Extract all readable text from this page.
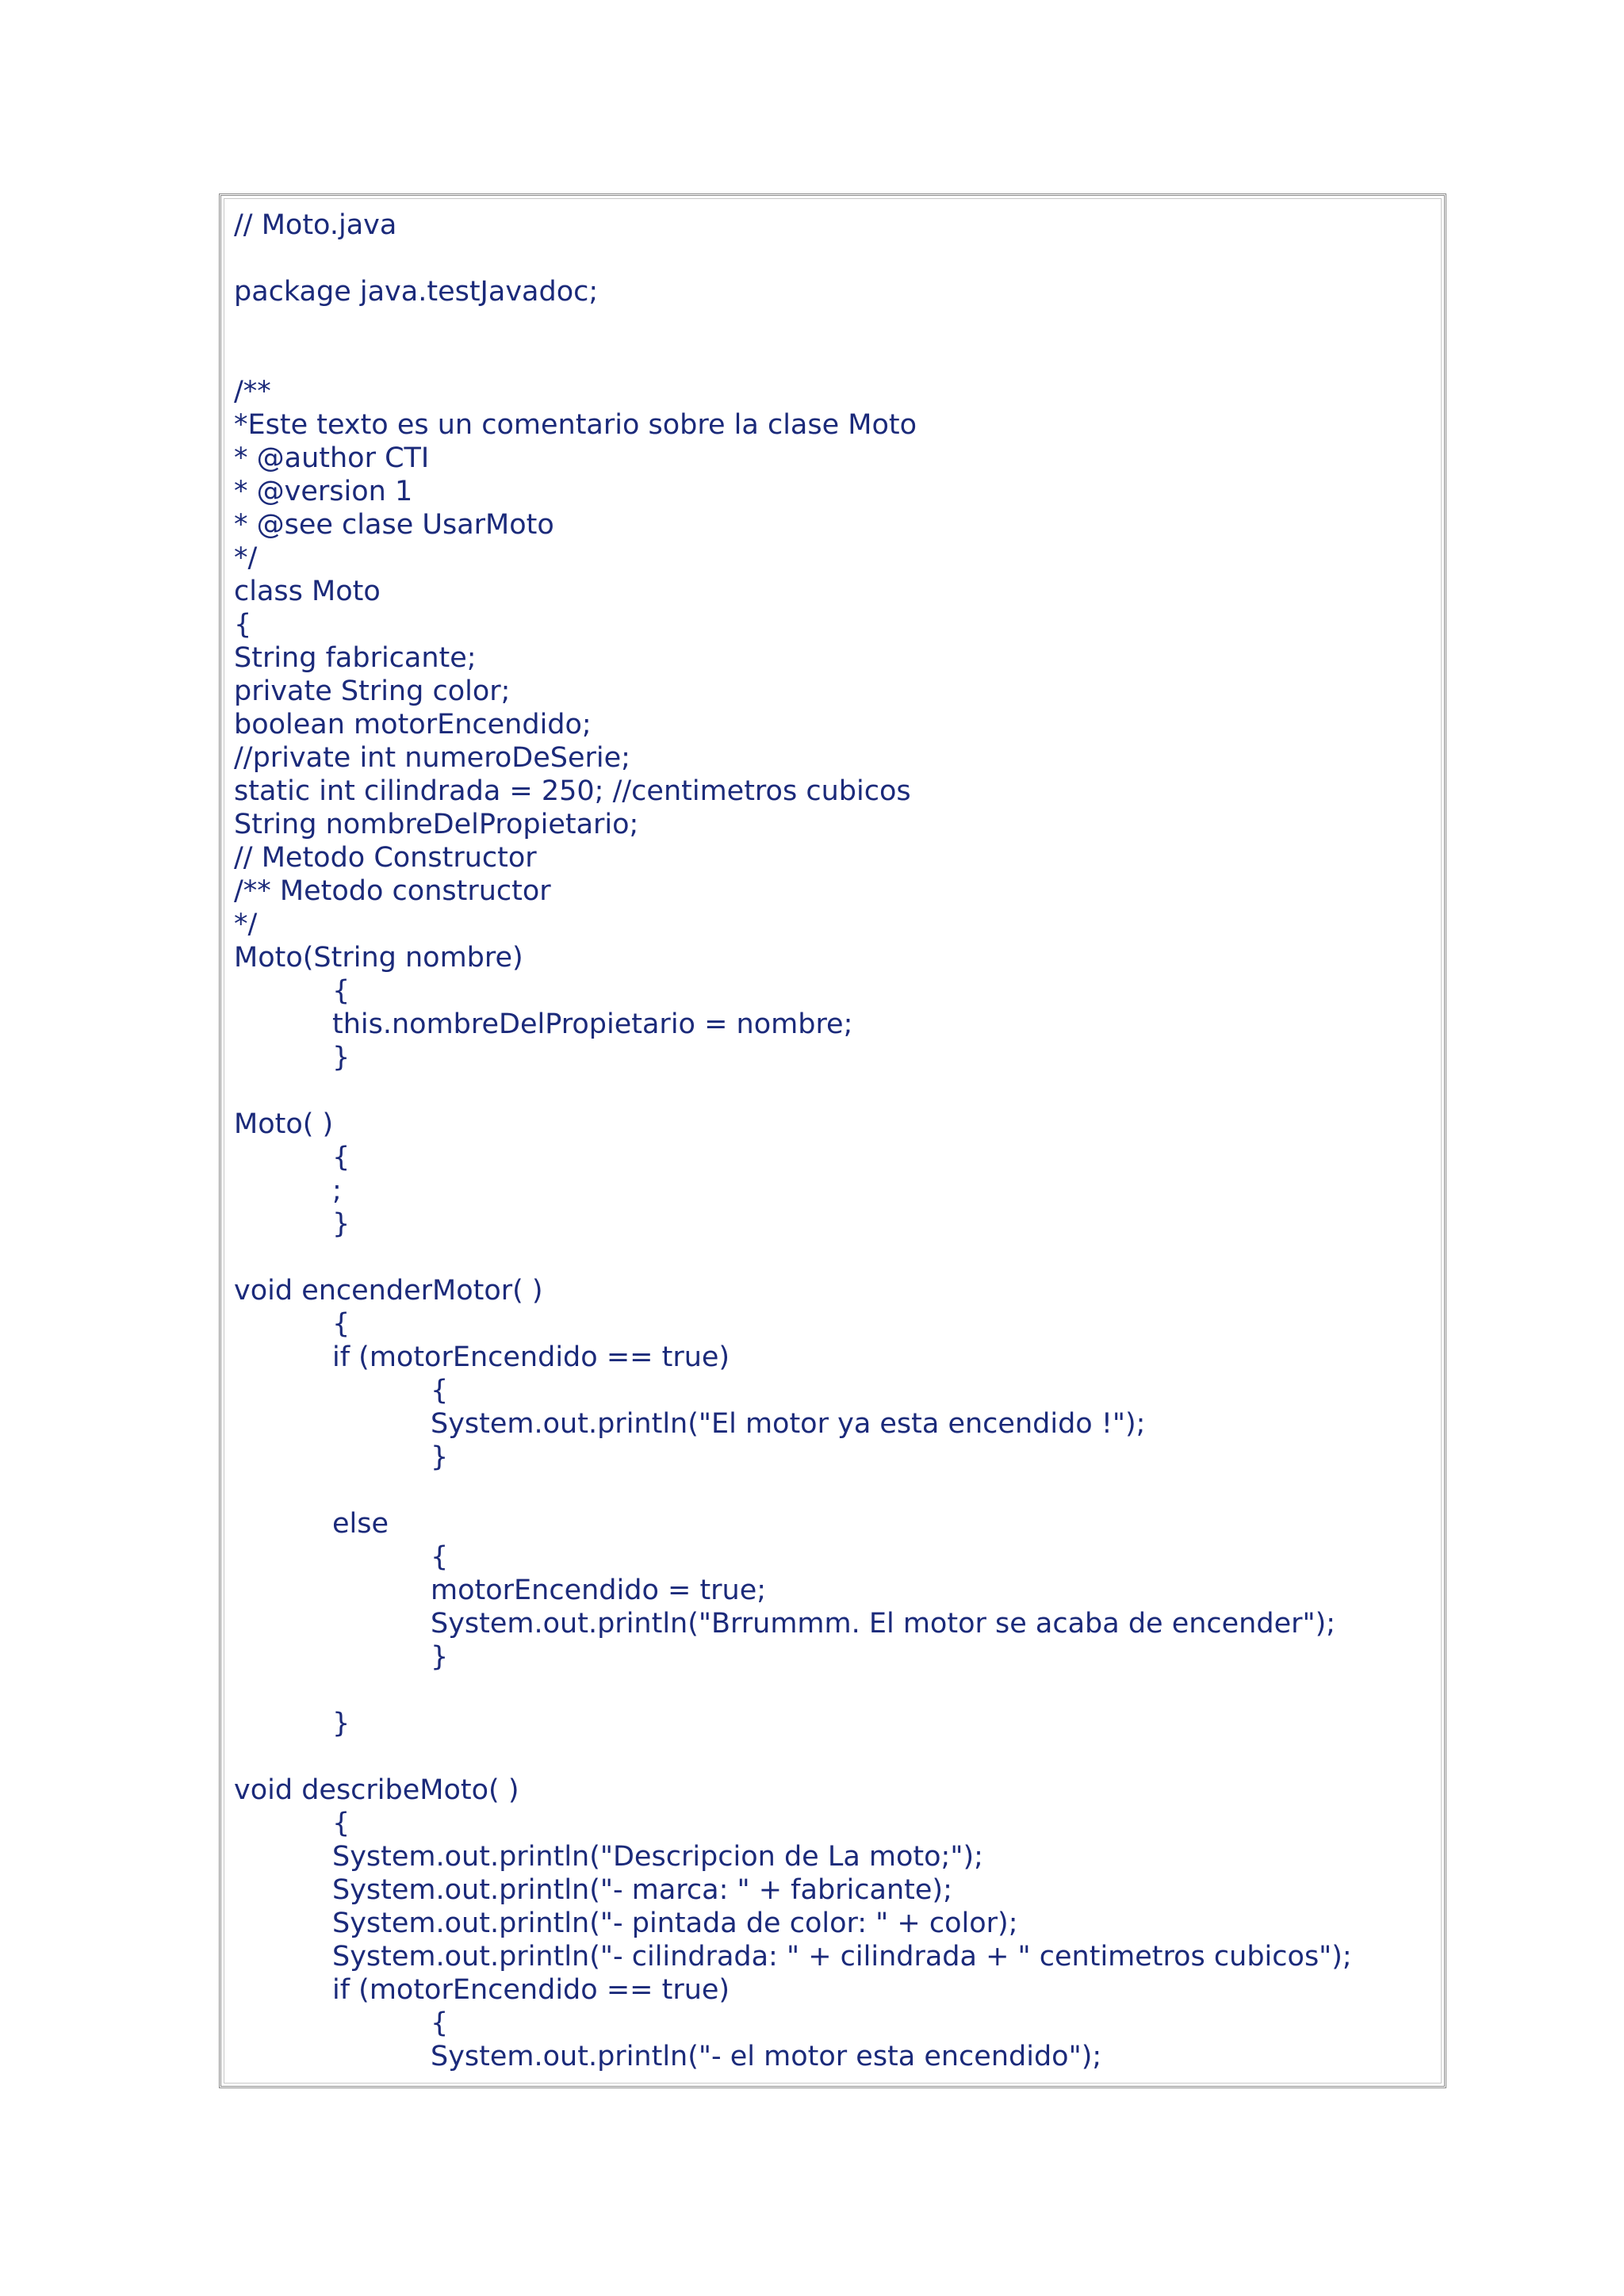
// Moto.java
package java.testJavadoc;
/**
*Este texto es un comentario sobre la clase Moto
* @author CTI
* @version 1
* @see clase UsarMoto
*/
class Moto
{
String fabricante;
private String color;
boolean motorEncendido;
//private int numeroDeSerie;
static int cilindrada = 250; //centimetros cubicos
String nombreDelPropietario;
// Metodo Constructor
/** Metodo constructor
*/
Moto(String nombre)
{
this.nombreDelPropietario = nombre;
}
Moto( )
{
;
}
void encenderMotor( )
{
if (motorEncendido == true)
{
System.out.println("El motor ya esta encendido !");
}
else
{
motorEncendido = true;
System.out.println("Brrummm. El motor se acaba de encender");
}
}
void describeMoto( )
{
System.out.println("Descripcion de La moto;");
System.out.println("- marca: " + fabricante);
System.out.println("- pintada de color: " + color);
System.out.println("- cilindrada: " + cilindrada + " centimetros cubicos");
if (motorEncendido == true)
{
System.out.println("- el motor esta encendido");
